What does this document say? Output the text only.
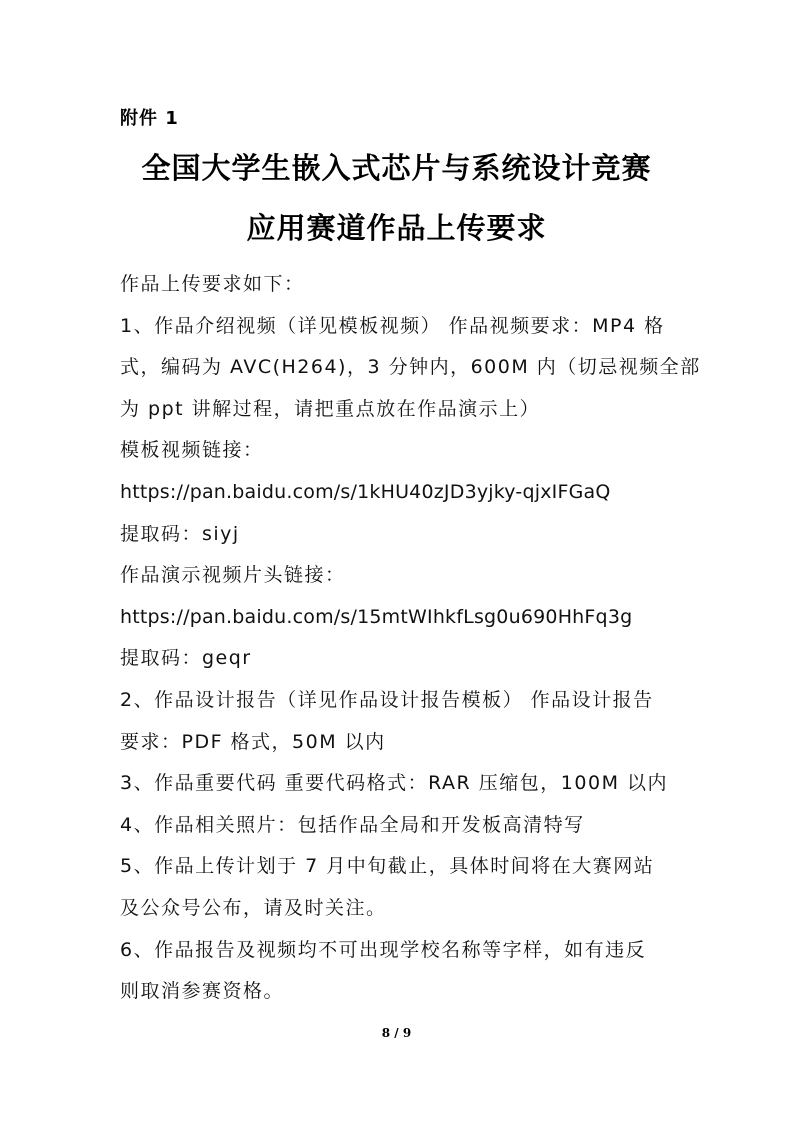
附件 1
全国大学生嵌入式芯片与系统设计竞赛
应用赛道作品上传要求

作品上传要求如下：

1、作品介绍视频（详见模板视频） 作品视频要求：MP4 格

式，编码为 AVC(H264)，3 分钟内，600M 内（切忌视频全部

为 ppt 讲解过程，请把重点放在作品演示上）

模板视频链接：

https://pan.baidu.com/s/1kHU40zJD3yjky-qjxIFGaQ

提取码：siyj

作品演示视频片头链接：

https://pan.baidu.com/s/15mtWIhkfLsg0u690HhFq3g

提取码：geqr

2、作品设计报告（详见作品设计报告模板） 作品设计报告

要求：PDF 格式，50M 以内

3、作品重要代码 重要代码格式：RAR 压缩包，100M 以内

4、作品相关照片：包括作品全局和开发板高清特写

5、作品上传计划于 7 月中旬截止，具体时间将在大赛网站

及公众号公布，请及时关注。

6、作品报告及视频均不可出现学校名称等字样，如有违反

则取消参赛资格。

8 / 9
